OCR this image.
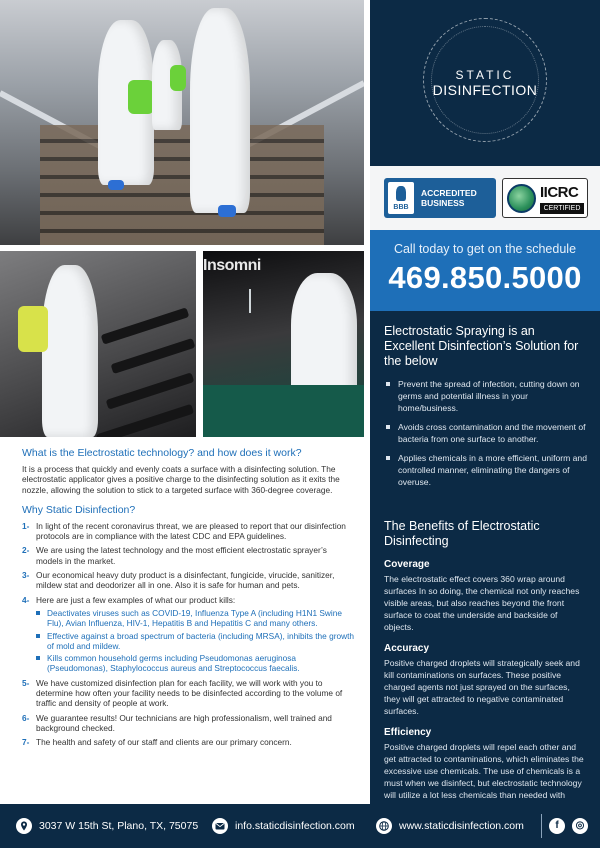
Insomni
STATIC
DISINFECTION
BBB
ACCREDITED
BUSINESS
IICRC
CERTIFIED
Call today to get on the schedule
469.850.5000
Electrostatic Spraying is an Excellent Disinfection’s Solution for the below
Prevent the spread of infection, cutting down on germs and potential illness in your home/business.
Avoids cross contamination and the movement of bacteria from one surface to another.
Applies chemicals in a more efficient, uniform and controlled manner, eliminating the dangers of overuse.
The Benefits of Electrostatic Disinfecting
Coverage
The electrostatic effect covers 360 wrap around surfaces In so doing, the chemical not only reaches visible areas, but also reaches beyond the front surface to coat the underside and backside of objects.
Accuracy
Positive charged droplets will strategically seek and kill contaminations on surfaces. These positive charged agents not just sprayed on the surfaces, they will get attracted to negative contaminated surfaces.
Efficiency
Positive charged droplets will repel each other and get attracted to contaminations, which eliminates the excessive use chemicals. The use of chemicals is a must when we disinfect, but electrostatic technology will utilize a lot less chemicals than needed with
What is the Electrostatic technology? and how does it work?
It is a process that quickly and evenly coats a surface with a disinfecting solution. The electrostatic applicator gives a positive charge to the disinfecting solution as it exits the nozzle, allowing the solution to stick to a targeted surface with 360-degree coverage.
Why Static Disinfection?
1- In light of the recent coronavirus threat, we are pleased to report that our disinfection protocols are in compliance with the latest CDC and EPA guidelines.
2- We are using the latest technology and the most efficient electrostatic sprayer’s models in the market.
3- Our economical heavy duty product is a disinfectant, fungicide, virucide, sanitizer, mildew stat and deodorizer all in one. Also it is safe for human and pets.
4- Here are just a few examples of what our product kills:
Deactivates viruses such as COVID-19, Influenza Type A (including H1N1 Swine Flu), Avian Influenza, HIV-1, Hepatitis B and Hepatitis C and many others.
Effective against a broad spectrum of bacteria (including MRSA), inhibits the growth of mold and mildew.
Kills common household germs including Pseudomonas aeruginosa (Pseudomonas), Staphylococcus aureus and Streptococcus faecalis.
5- We have customized disinfection plan for each facility, we will work with you to determine how often your facility needs to be disinfected according to the volume of traffic and density of people at work.
6- We guarantee results! Our technicians are high professionalism, well trained and background checked.
7- The health and safety of our staff and clients are our primary concern.
3037 W 15th St, Plano, TX, 75075	info.staticdisinfection.com	www.staticdisinfection.com	f	◎
